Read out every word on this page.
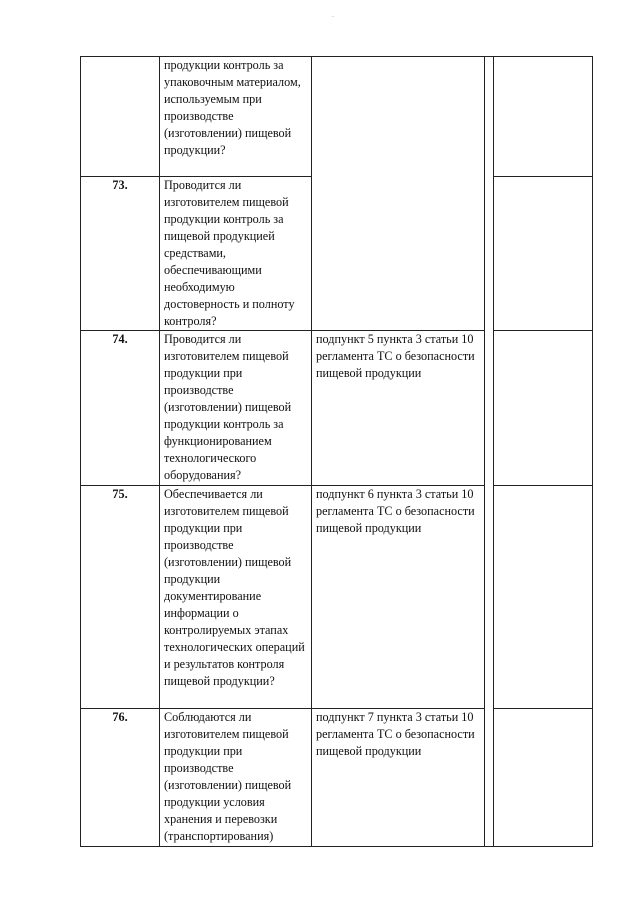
⁻
	продукции контроль за упаковочным материалом, используемым при производстве (изготовлении) пищевой продукции?			
73.	Проводится ли изготовителем пищевой продукции контроль за пищевой продукцией средствами, обеспечивающими необходимую достоверность и полноту контроля?			
74.	Проводится ли изготовителем пищевой продукции при производстве (изготовлении) пищевой продукции контроль за функционированием технологического оборудования?	подпункт 5 пункта 3 статьи 10 регламента ТС о безопасности пищевой продукции		
75.	Обеспечивается ли изготовителем пищевой продукции при производстве (изготовлении) пищевой продукции документирование информации о контролируемых этапах технологических операций и результатов контроля пищевой продукции?	подпункт 6 пункта 3 статьи 10 регламента ТС о безопасности пищевой продукции		
76.	Соблюдаются ли изготовителем пищевой продукции при производстве (изготовлении) пищевой продукции условия хранения и перевозки (транспортирования)	подпункт 7 пункта 3 статьи 10 регламента ТС о безопасности пищевой продукции		
